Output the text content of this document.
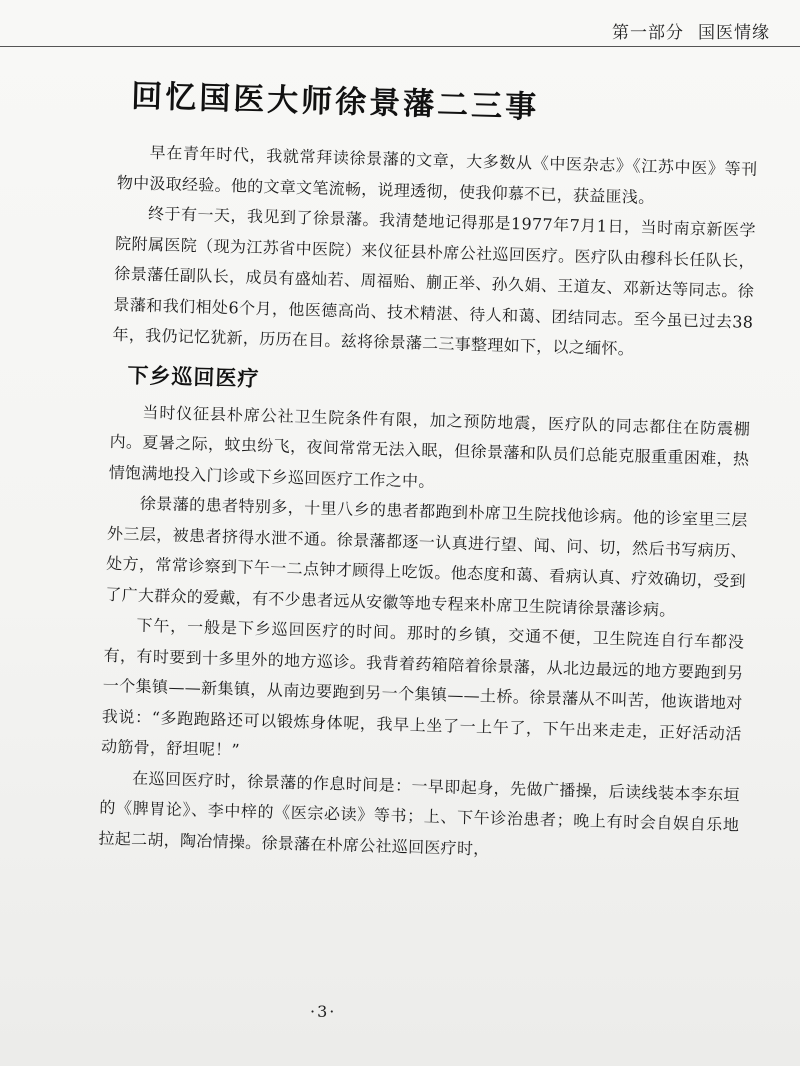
第一部分 国医情缘
回忆国医大师徐景藩二三事

早在青年时代，我就常拜读徐景藩的文章，大多数从《中医杂志》《江苏中医》等刊物中汲取经验。他的文章文笔流畅，说理透彻，使我仰慕不已，获益匪浅。

终于有一天，我见到了徐景藩。我清楚地记得那是1977年7月1日，当时南京新医学院附属医院（现为江苏省中医院）来仪征县朴席公社巡回医疗。医疗队由穆科长任队长，徐景藩任副队长，成员有盛灿若、周福贻、蒯正举、孙久娟、王道友、邓新达等同志。徐景藩和我们相处6个月，他医德高尚、技术精湛、待人和蔼、团结同志。至今虽已过去38年，我仍记忆犹新，历历在目。兹将徐景藩二三事整理如下，以之缅怀。

下乡巡回医疗

当时仪征县朴席公社卫生院条件有限，加之预防地震，医疗队的同志都住在防震棚内。夏暑之际，蚊虫纷飞，夜间常常无法入眠，但徐景藩和队员们总能克服重重困难，热情饱满地投入门诊或下乡巡回医疗工作之中。

徐景藩的患者特别多，十里八乡的患者都跑到朴席卫生院找他诊病。他的诊室里三层外三层，被患者挤得水泄不通。徐景藩都逐一认真进行望、闻、问、切，然后书写病历、处方，常常诊察到下午一二点钟才顾得上吃饭。他态度和蔼、看病认真、疗效确切，受到了广大群众的爱戴，有不少患者远从安徽等地专程来朴席卫生院请徐景藩诊病。

下午，一般是下乡巡回医疗的时间。那时的乡镇，交通不便，卫生院连自行车都没有，有时要到十多里外的地方巡诊。我背着药箱陪着徐景藩，从北边最远的地方要跑到另一个集镇——新集镇，从南边要跑到另一个集镇——土桥。徐景藩从不叫苦，他诙谐地对我说：“多跑跑路还可以锻炼身体呢，我早上坐了一上午了，下午出来走走，正好活动活动筋骨，舒坦呢！”

在巡回医疗时，徐景藩的作息时间是：一早即起身，先做广播操，后读线装本李东垣的《脾胃论》、李中梓的《医宗必读》等书；上、下午诊治患者；晚上有时会自娱自乐地拉起二胡，陶冶情操。徐景藩在朴席公社巡回医疗时，

·3·
